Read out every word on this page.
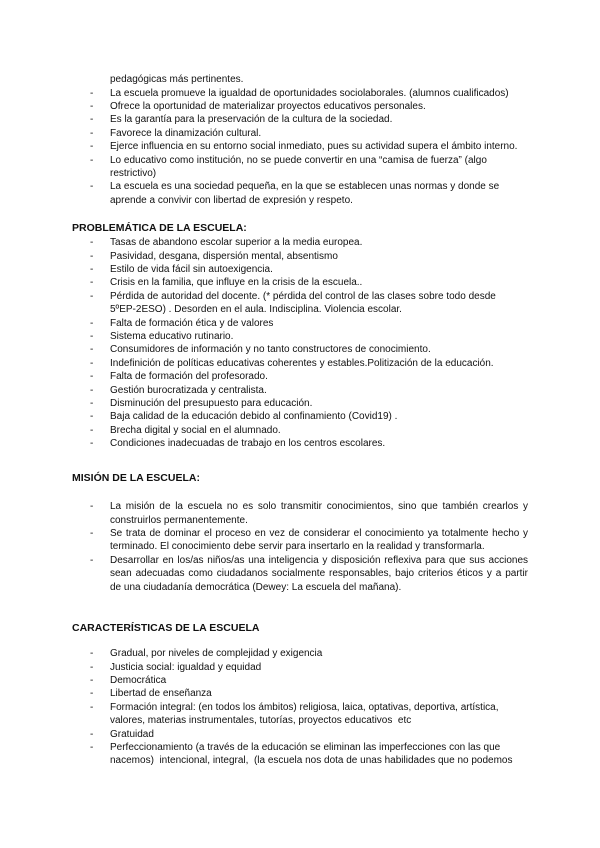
pedagógicas más pertinentes.
- La escuela promueve la igualdad de oportunidades sociolaborales. (alumnos cualificados)
- Ofrece la oportunidad de materializar proyectos educativos personales.
- Es la garantía para la preservación de la cultura de la sociedad.
- Favorece la dinamización cultural.
- Ejerce influencia en su entorno social inmediato, pues su actividad supera el ámbito interno.
- Lo educativo como institución, no se puede convertir en una “camisa de fuerza” (algo
restrictivo)
- La escuela es una sociedad pequeña, en la que se establecen unas normas y donde se
aprende a convivir con libertad de expresión y respeto.
PROBLEMÁTICA DE LA ESCUELA:
- Tasas de abandono escolar superior a la media europea.
- Pasividad, desgana, dispersión mental, absentismo
- Estilo de vida fácil sin autoexigencia.
- Crisis en la familia, que influye en la crisis de la escuela..
- Pérdida de autoridad del docente. (* pérdida del control de las clases sobre todo desde
5ºEP-2ESO) . Desorden en el aula. Indisciplina. Violencia escolar.
- Falta de formación ética y de valores
- Sistema educativo rutinario.
- Consumidores de información y no tanto constructores de conocimiento.
- Indefinición de políticas educativas coherentes y estables.Politización de la educación.
- Falta de formación del profesorado.
- Gestión burocratizada y centralista.
- Disminución del presupuesto para educación.
- Baja calidad de la educación debido al confinamiento (Covid19) .
- Brecha digital y social en el alumnado.
- Condiciones inadecuadas de trabajo en los centros escolares.
MISIÓN DE LA ESCUELA:
- La misión de la escuela no es solo transmitir conocimientos, sino que también crearlos y
construirlos permanentemente.
- Se trata de dominar el proceso en vez de considerar el conocimiento ya totalmente hecho y
terminado. El conocimiento debe servir para insertarlo en la realidad y transformarla.
- Desarrollar en los/as niños/as una inteligencia y disposición reflexiva para que sus acciones
sean adecuadas como ciudadanos socialmente responsables, bajo criterios éticos y a partir
de una ciudadanía democrática (Dewey: La escuela del mañana).
CARACTERÍSTICAS DE LA ESCUELA
- Gradual, por niveles de complejidad y exigencia
- Justicia social: igualdad y equidad
- Democrática
- Libertad de enseñanza
- Formación integral: (en todos los ámbitos) religiosa, laica, optativas, deportiva, artística,
valores, materias instrumentales, tutorías, proyectos educativos  etc
- Gratuidad
- Perfeccionamiento (a través de la educación se eliminan las imperfecciones con las que
nacemos)  intencional, integral,  (la escuela nos dota de unas habilidades que no podemos
